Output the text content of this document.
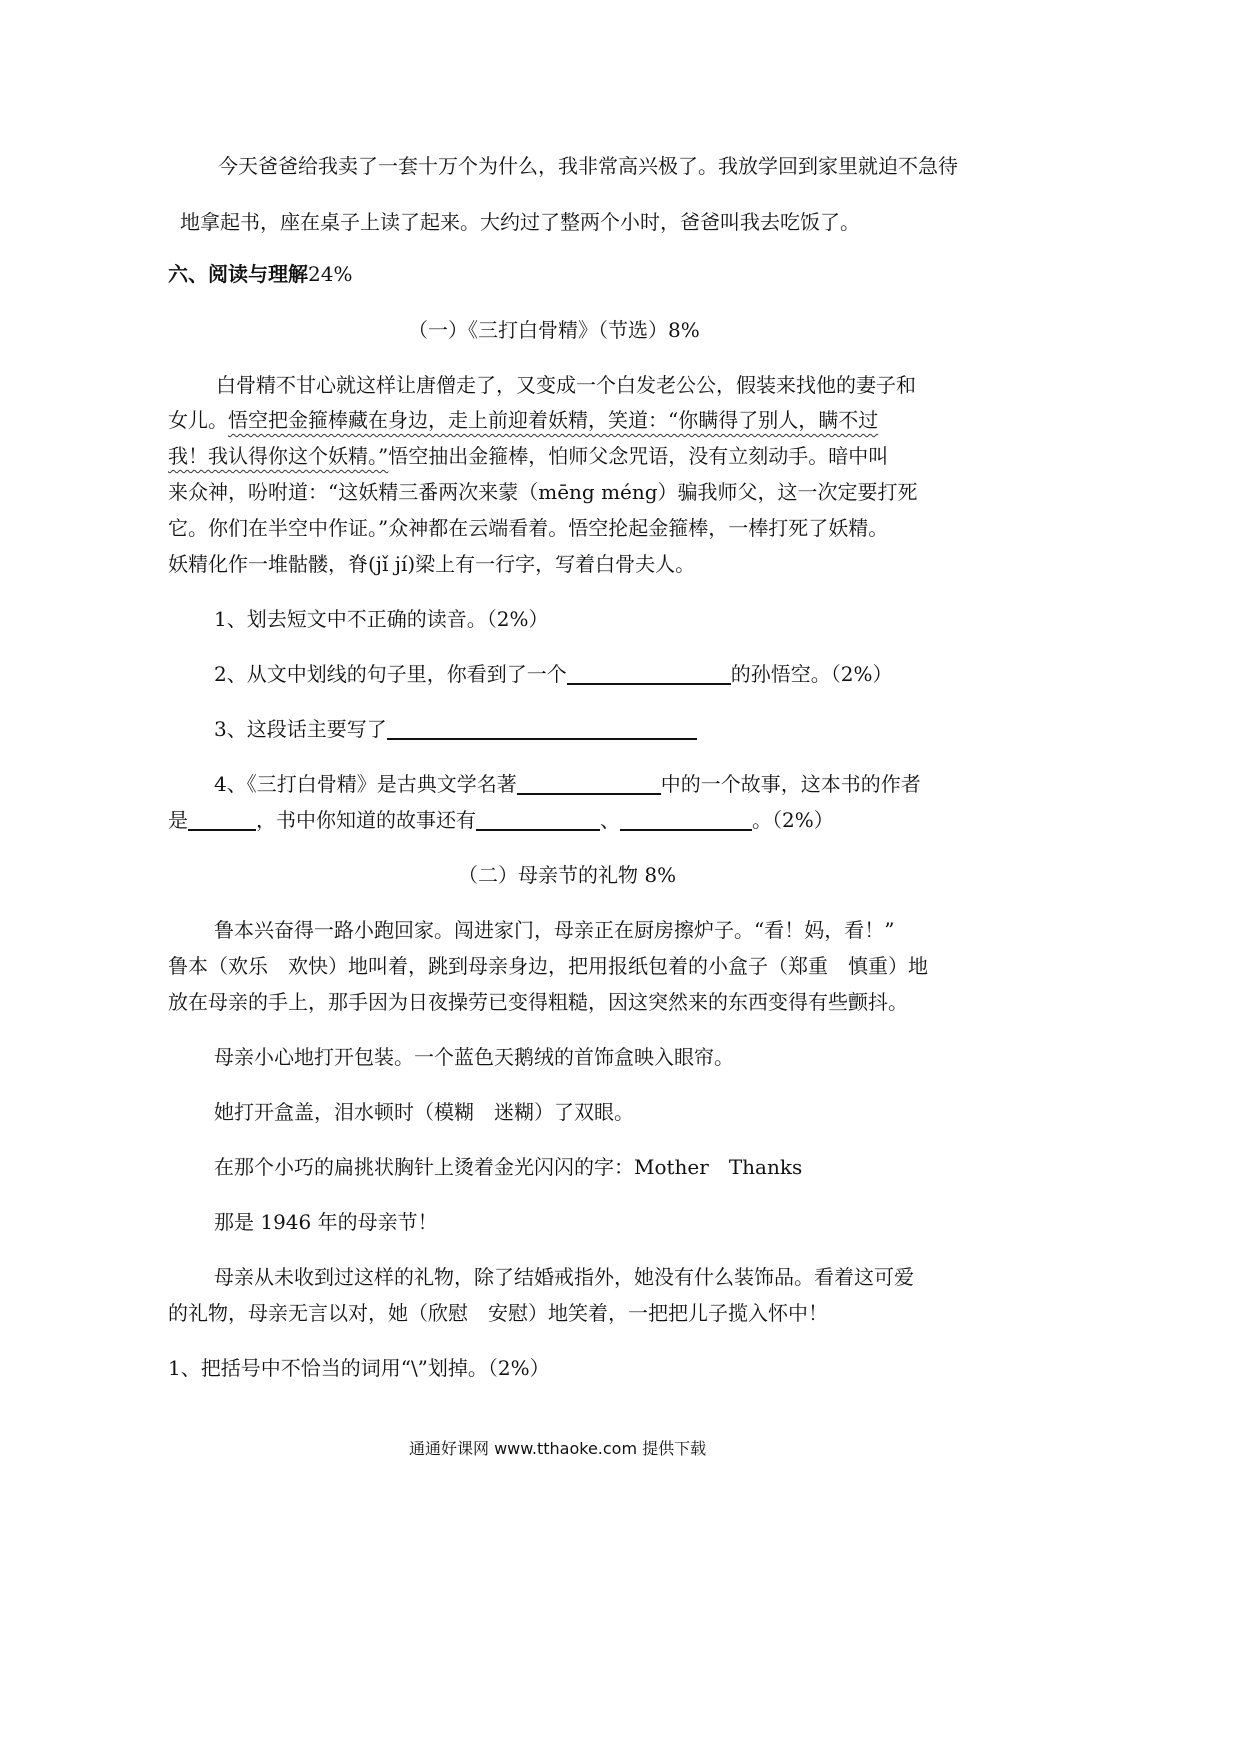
今天爸爸给我卖了一套十万个为什么，我非常高兴极了。我放学回到家里就迫不急待
地拿起书，座在桌子上读了起来。大约过了整两个小时，爸爸叫我去吃饭了。
六、阅读与理解24%
（一）《三打白骨精》（节选）8%
白骨精不甘心就这样让唐僧走了，又变成一个白发老公公，假装来找他的妻子和
女儿。悟空把金箍棒藏在身边，走上前迎着妖精，笑道：“你瞒得了别人，瞒不过
我！我认得你这个妖精。”悟空抽出金箍棒，怕师父念咒语，没有立刻动手。暗中叫
来众神，吩咐道：“这妖精三番两次来蒙（mēng méng）骗我师父，这一次定要打死
它。你们在半空中作证。”众神都在云端看着。悟空抡起金箍棒，一棒打死了妖精。
妖精化作一堆骷髅，脊(jǐ jí)梁上有一行字，写着白骨夫人。
1、划去短文中不正确的读音。（2%）
2、从文中划线的句子里，你看到了一个	的孙悟空。（2%）
3、这段话主要写了
4、《三打白骨精》是古典文学名著	中的一个故事，这本书的作者
是	，书中你知道的故事还有	、	。（2%）
（二）母亲节的礼物 8%
鲁本兴奋得一路小跑回家。闯进家门，母亲正在厨房擦炉子。“看！妈，看！”
鲁本（欢乐　欢快）地叫着，跳到母亲身边，把用报纸包着的小盒子（郑重　慎重）地
放在母亲的手上，那手因为日夜操劳已变得粗糙，因这突然来的东西变得有些颤抖。
母亲小心地打开包装。一个蓝色天鹅绒的首饰盒映入眼帘。
她打开盒盖，泪水顿时（模糊　迷糊）了双眼。
在那个小巧的扁挑状胸针上烫着金光闪闪的字：Mother　Thanks
那是 1946 年的母亲节！
母亲从未收到过这样的礼物，除了结婚戒指外，她没有什么装饰品。看着这可爱
的礼物，母亲无言以对，她（欣慰　安慰）地笑着，一把把儿子揽入怀中！
1、把括号中不恰当的词用“\”划掉。（2%）
通通好课网 www.tthaoke.com 提供下载
